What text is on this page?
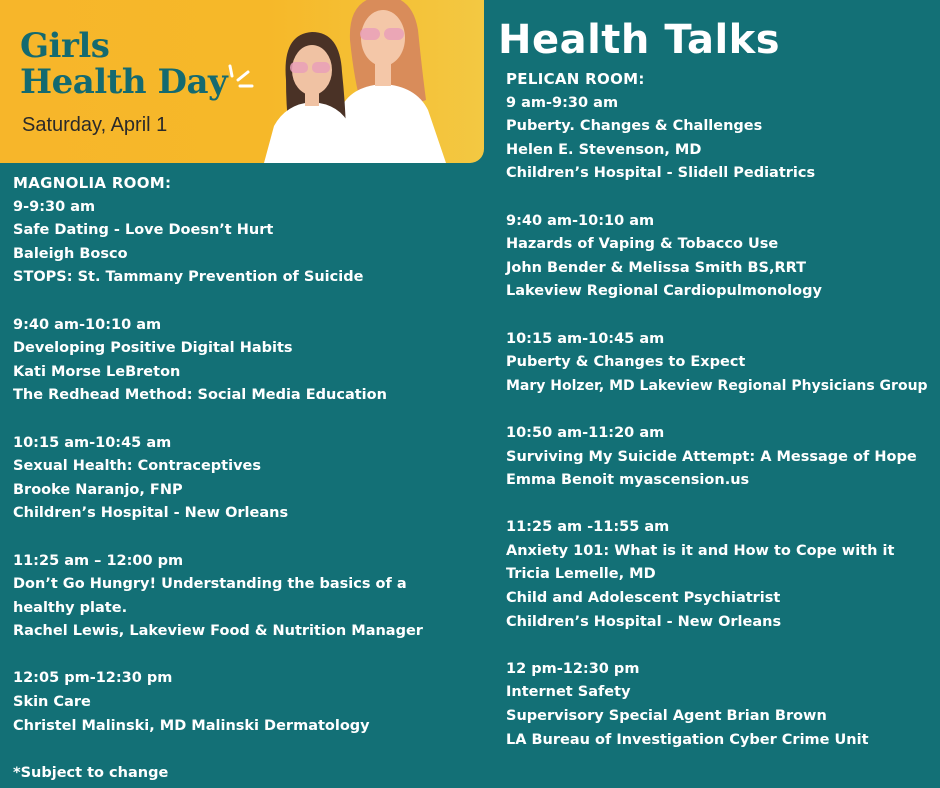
Girls
Health Day
Saturday, April 1
Health Talks
MAGNOLIA ROOM:
9-9:30 am
Safe Dating - Love Doesn’t Hurt
Baleigh Bosco
STOPS: St. Tammany Prevention of Suicide
9:40 am-10:10 am
Developing Positive Digital Habits
Kati Morse LeBreton
The Redhead Method: Social Media Education
10:15 am-10:45 am
Sexual Health: Contraceptives
Brooke Naranjo, FNP
Children’s Hospital - New Orleans
11:25 am – 12:00 pm
Don’t Go Hungry! Understanding the basics of a healthy plate.
Rachel Lewis, Lakeview Food & Nutrition Manager
12:05 pm-12:30 pm
Skin Care
Christel Malinski, MD Malinski Dermatology
*Subject to change
PELICAN ROOM:
9 am-9:30 am
Puberty. Changes & Challenges
Helen E. Stevenson, MD
Children’s Hospital - Slidell Pediatrics
9:40 am-10:10 am
Hazards of Vaping & Tobacco Use
John Bender & Melissa Smith BS,RRT
Lakeview Regional Cardiopulmonology
10:15 am-10:45 am
Puberty & Changes to Expect
Mary Holzer, MD Lakeview Regional Physicians Group
10:50 am-11:20 am
Surviving My Suicide Attempt: A Message of Hope
Emma Benoit myascension.us
11:25 am -11:55 am
Anxiety 101: What is it and How to Cope with it
Tricia Lemelle, MD
Child and Adolescent Psychiatrist
Children’s Hospital - New Orleans
12 pm-12:30 pm
Internet Safety
Supervisory Special Agent Brian Brown
LA Bureau of Investigation Cyber Crime Unit
